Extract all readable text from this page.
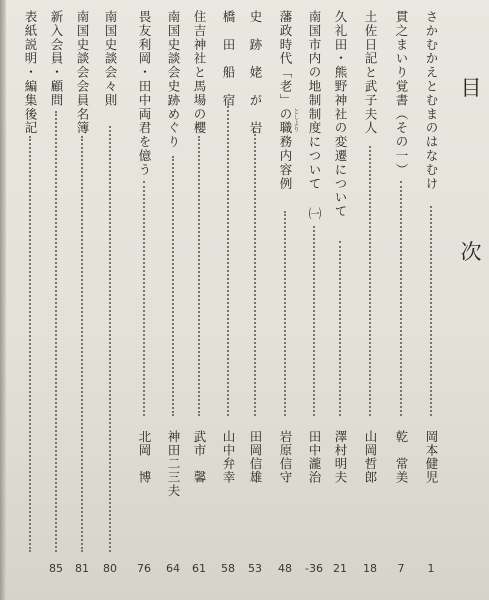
目
次
さかむかえとむまのはなむけ
岡本健児
1
貫之まいり覚書（その一）
乾　常美
7
土佐日記と武子夫人
山岡哲郎
18
久礼田・熊野神社の変遷について
澤村明夫
21
南国市内の地制制度について ㈠
田中瀧治
-36
藩政時代「老」の職務内容例 としより
岩原信守
48
史　跡　姥　が　岩
田岡信雄
53
橋　田　船　宿
山中弁幸
58
住吉神社と馬場の櫻
武市　馨
61
南国史談会史跡めぐり
神田二三夫
64
畏友利岡・田中両君を億う
北岡　博
76
南国史談会々則
80
南国史談会会員名簿
81
新入会員・顧問
85
表紙説明・編集後記
